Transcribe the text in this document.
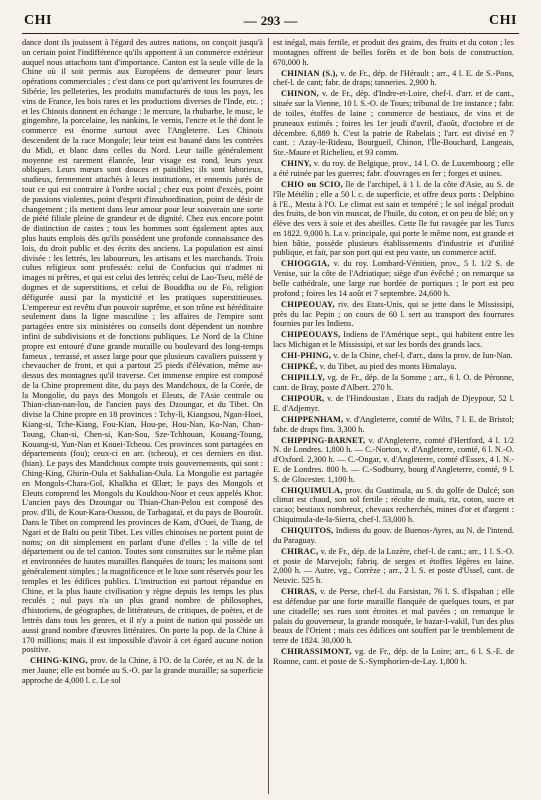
CHI
—	293 —	CHI

dance dont ils jouissent à l'égard des autres nations, on conçoit jusqu'à un certain point l'indifférence qu'ils apportent à un commerce extérieur auquel nous attachons tant d'importance. Canton est la seule ville de la Chine où il soit permis aux Européens de demeurer pour leurs opérations commerciales ; c'est dans ce port qu'arrivent les fourrures de Sibérie, les pelleteries, les produits manufacturés de tous les pays, les vins de France, les bois rares et les productions diverses de l'Inde, etc. ; et les Chinois donnent en échange : le mercure, la rhubarbe, le musc, le gingembre, la porcelaine, les nankins, le vernis, l'encre et le thé dont le commerce est énorme surtout avec l'Angleterre. Les Chinois descendent de la race Mongole; leur teint est basané dans les contrées du Midi, et blanc dans celles du Nord. Leur taille généralement moyenne est rarement élancée, leur visage est rond, leurs yeux obliques. Leurs mœurs sont douces et paisibles; ils sont laborieux, studieux, fermement attachés à leurs institutions, et ennemis jurés de tout ce qui est contraire à l'ordre social ; chez eux point d'excès, point de passions violentes, point d'esprit d'insubordination, point de désir de changement ; ils mettent dans leur amour pour leur souverain une sorte de piété filiale pleine de grandeur et de dignité. Chez eux encore point de distinction de castes ; tous les hommes sont également aptes aux plus hauts emplois dès qu'ils possèdent une profonde connaissance des lois, du droit public et des écrits des anciens. La population est ainsi divisée : les lettrés, les laboureurs, les artisans et les marchands. Trois cultes religieux sont professés: celui de Confucius qui n'admet ni images ni prêtres, et qui est celui des lettrés; celui de Lao-Tseu, mêlé de dogmes et de superstitions, et celui de Bouddha ou de Fo, religion défigurée aussi par la mysticité et les pratiques superstitieuses. L'empereur est revêtu d'un pouvoir suprême, et son trône est héréditaire seulement dans la ligne masculine ; les affaires de l'empire sont partagées entre six ministères ou conseils dont dépendent un nombre infini de subdivisions et de fonctions publiques. Le Nord de la Chine propre est entouré d'une grande muraille ou boulevard des long-temps fameux , terrassé, et assez large pour que plusieurs cavaliers puissent y chevaucher de front, et qui a partout 25 pieds d'élévation, même au-dessus des montagnes qu'il traverse. Cet immense empire est composé de la Chine proprement dite, du pays des Mandchoux, de la Corée, de la Mongolie, du pays des Mongols et Eleuts, de l'Asie centrale ou Thian-chan-nan-lou, de l'ancien pays des Dzoungar, et du Tibet. On divise la Chine propre en 18 provinces : Tchy-li, Kiangsou, Ngan-Hoei, Kiang-si, Tche-Kiang, Fou-Kian, Hou-pe, Hou-Nan, Ko-Nan, Chan-Toung, Chan-si, Chen-si, Kan-Sou, Sze-Tchhouan, Kouang-Toung, Kouang-si, Yun-Nan et Kouei-Tcheou. Ces provinces sont partagées en départements (fou); ceux-ci en arr. (tcheou), et ces derniers en dist. (hian). Le pays des Mandchoux compte trois gouvernements, qui sont : Ching-King, Ghirin-Oula et Sakhalian-Oula. La Mongolie est partagée en Mongols-Chara-Gol, Khalkha et Œlœt; le pays des Mongols et Eleuts comprend les Mongols du Koukhou-Noor et ceux appelés Khor. L'ancien pays des Dzoungar ou Thian-Chan-Pelou est composé des prov. d'Ili, de Kour-Kara-Oussou, de Tarbagataï, et du pays de Bouroût. Dans le Tibet on comprend les provinces de Kam, d'Ouei, de Tsang, de Ngari et de Balti ou petit Tibet. Les villes chinoises ne portent point de noms; on dit simplement en parlant d'une d'elles : la ville de tel département ou de tel canton. Toutes sont construites sur le même plan et environnées de hautes murailles flanquées de tours; les maisons sont généralement simples ; la magnificence et le luxe sont réservés pour les temples et les édifices publics. L'instruction est partout répandue en Chine, et la plus haute civilisation y règne depuis les temps les plus reculés ; nul pays n'a un plus grand nombre de philosophes, d'historiens, de géographes, de littérateurs, de critiques, de poètes, et de lettrés dans tous les genres, et il n'y a point de nation qui possède un aussi grand nombre d'œuvres littéraires. On porte la pop. de la Chine à 170 millions; mais il est impossible d'avoir à cet égard aucune notion positive.

CHING-KING, prov. de la Chine, à l'O. de la Corée, et au N. de la mer Jaune; elle est bornée au S.-O. par la grande muraille; sa superficie approche de 4,000 l. c. Le sol

est inégal, mais fertile, et produit des grains, des fruits et du coton ; les montagnes offrent de belles forêts et de bon bois de construction. 670,000 h.

CHINIAN (S.), v. de Fr., dép. de l'Hérault ; arr., 4 l. E. de S.-Pons, chef-l. de cant; fabr. de draps; tanneries. 2,900 h.

CHINON, v. de Fr., dép. d'Indre-et-Loire, chef-l. d'arr. et de cant., située sur la Vienne, 10 l. S.-O. de Tours; tribunal de 1re instance ; fabr. de toiles, étoffes de laine ; commerce de bestiaux, de vins et de pruneaux estimés ; foires les 1er jeudi d'avril, d'août, d'octobre et de décembre. 6,889 h. C'est la patrie de Rabelais ; l'arr. est divisé en 7 cant. : Azay-le-Rideau, Bourgueil, Chinon, l'Île-Bouchard, Langeais, Ste.-Maure et Richelieu, et 93 comm.

CHINY, v. du roy. de Belgique, prov., 14 l. O. de Luxembourg ; elle a été ruinée par les guerres; fabr. d'ouvrages en fer ; forges et usines.

CHIO ou SCIO, île de l'archipel, à 1 l. de la côte d'Asie, au S. de l'île Métélin ; elle a 50 l. c. de superficie, et offre deux ports : Delphino à l'E., Mesta à l'O. Le climat est sain et tempéré ; le sol inégal produit des fruits, de bon vin muscat, de l'huile, du coton, et on peu de blé; on y élève des vers à soie et des abeilles. Cette île fut ravagée par les Turcs en 1822. 9,000 h. La v. principale, qui porte le même nom, est grande et bien bâtie, possède plusieurs établissements d'industrie et d'utilité publique, et fait, par son port qui est peu vaste, un commerce actif.

CHIOGGIA, v. du roy. Lombard-Vénitien, prov., 5 l. 1/2 S. de Venise, sur la côte de l'Adriatique; siège d'un évêché ; on remarque sa belle cathédrale, une large rue bordée de portiques ; le port est peu profond ; foires les 14 août et 7 septembre. 24,600 h.

CHIPEOUAY, riv. des Etats-Unis, qui se jette dans le Mississipi, près du lac Pepin ; on cours de 60 l. sert au transport des fourrures fournies par les Indiens.

CHIPEOUAYS, Indiens de l'Amérique sept., qui habitent entre les lacs Michigan et le Mississipi, et sur les bords des grands lacs.

CHI-PHING, v. de la Chine, chef-l. d'arr., dans la prov. de Iun-Nan.

CHIPKÉ, v. du Tibet, au pied des monts Himalaya.

CHIPILLY, vg. de Fr., dép. de la Somme ; arr., 6 l. O. de Péronne, cant. de Bray, poste d'Albert. 270 h.

CHIPOUR, v. de l'Hindoustan , Etats du radjah de Djeypour, 52 l. E. d'Adjemyr.

CHIPPENHAM, v. d'Angleterre, comté de Wilts, 7 l. E. de Bristol; fabr. de draps fins. 3,300 h.

CHIPPING-BARNET, v. d'Angleterre, comté d'Hertford, 4 l. 1/2 N. de Londres. 1,800 h. — C.-Norton, v. d'Angleterre, comté, 6 l. N.-O. d'Oxford. 2,300 h. — C.-Ongar, v. d'Angleterre, comté d'Essex, 4 l. N.-E. de Londres. 800 h. — C.-Sodburry, bourg d'Angleterre, comté, 9 l. S. de Glocester. 1,100 h.

CHIQUIMULA, prov. du Guatimala, au S. du golfe de Dulcé; son climat est chaud, son sol fertile ; récolte de maïs, riz, coton, sucre et cacao; bestiaux nombreux, chevaux recherchés, mines d'or et d'argent : Chiquimula-de-la-Sierra, chef-l. 53,000 h.

CHIQUITOS, Indiens du gouv. de Buenos-Ayres, au N. de l'intend. du Paraguay.

CHIRAC, v. de Fr., dép. de la Lozère, chef-l. de cant.; arr., 1 l. S.-O. et poste de Marvejols; fabriq. de serges et étoffes légères en laine. 2,000 h. — Autre, vg., Corrèze ; arr., 2 l. S. et poste d'Ussel, cant. de Neuvic. 525 h.

CHIRAS, v. de Perse, chef-l. du Farsistan, 76 l. S. d'Ispahan ; elle est défendue par une forte muraille flanquée de quelques tours, et par une citadelle; ses rues sont étroites et mal pavées ; on remarque le palais du gouverneur, la grande mosquée, le bazar-I-vakil, l'un des plus beaux de l'Orient ; mais ces édifices ont souffert par le tremblement de terre de 1824. 30,000 h.

CHIRASSIMONT, vg. de Fr., dép. de la Loire; arr., 6 l. S.-E. de Roanne, cant. et poste de S.-Symphorien-de-Lay. 1,800 h.
